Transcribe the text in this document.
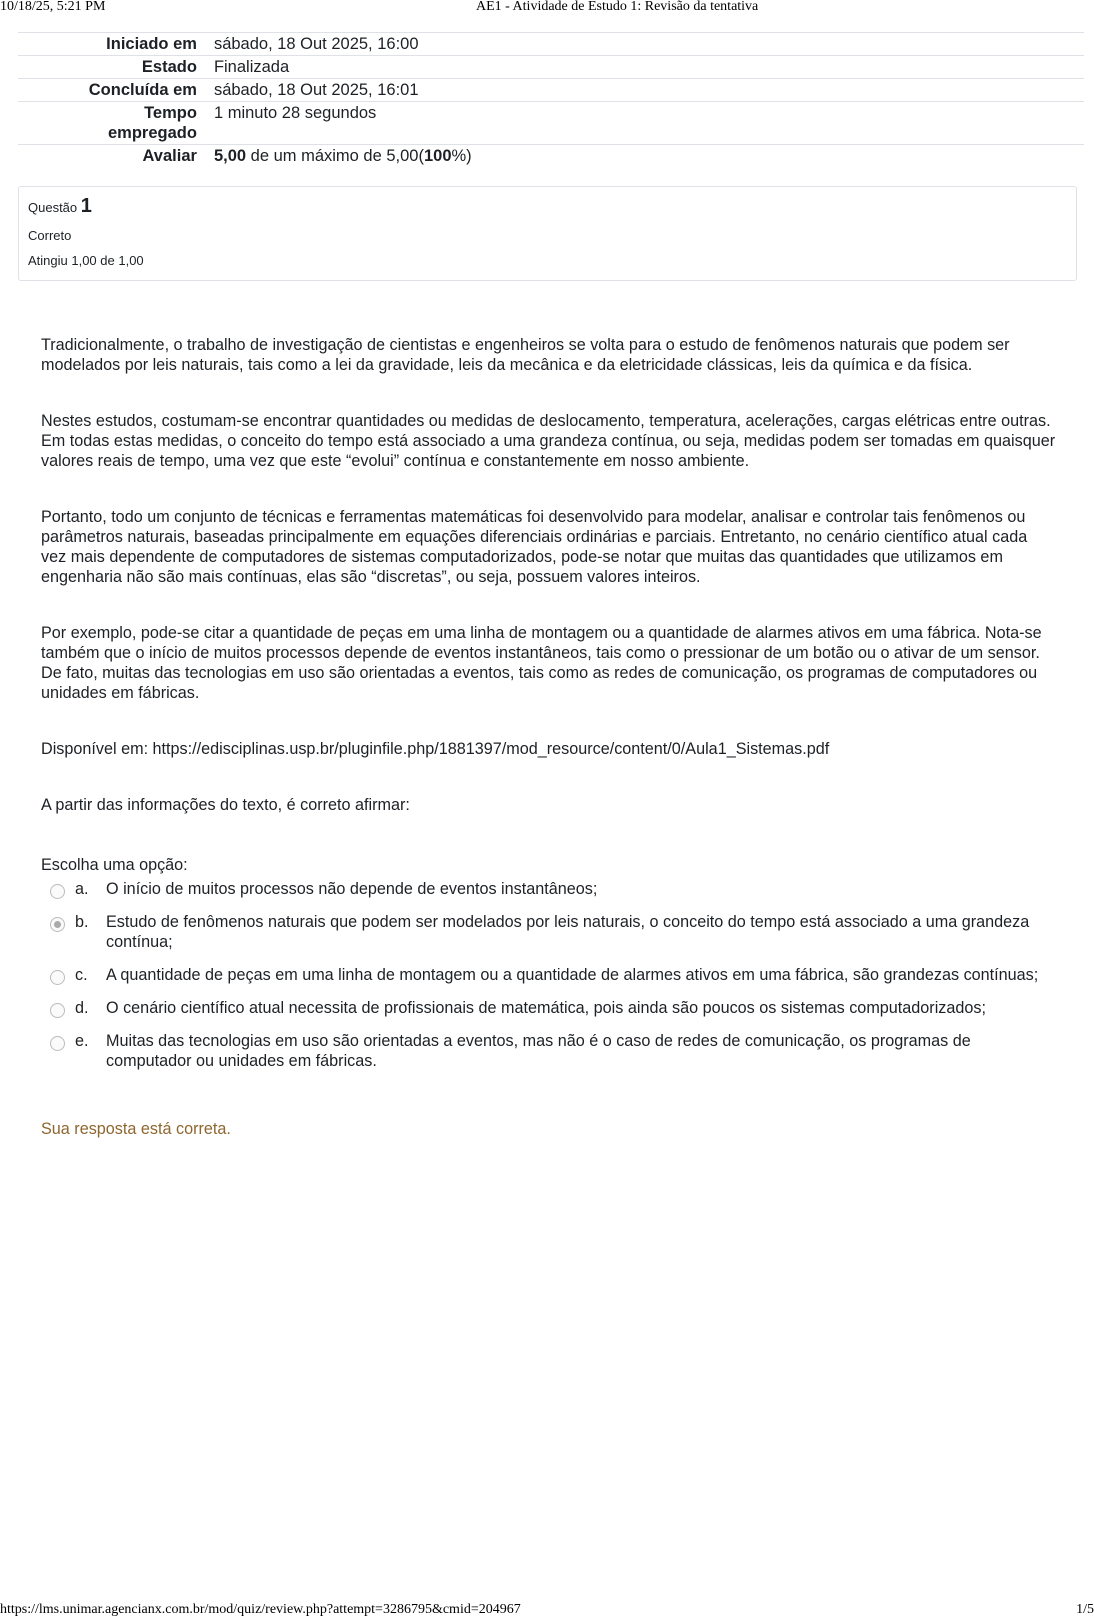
10/18/25, 5:21 PM	AE1 - Atividade de Estudo 1: Revisão da tentativa
Iniciado em	sábado, 18 Out 2025, 16:00
Estado	Finalizada
Concluída em	sábado, 18 Out 2025, 16:01
Tempo empregado	1 minuto 28 segundos
Avaliar	5,00 de um máximo de 5,00(100%)
Questão 1
Correto
Atingiu 1,00 de 1,00

Tradicionalmente, o trabalho de investigação de cientistas e engenheiros se volta para o estudo de fenômenos naturais que podem ser modelados por leis naturais, tais como a lei da gravidade, leis da mecânica e da eletricidade clássicas, leis da química e da física.

Nestes estudos, costumam-se encontrar quantidades ou medidas de deslocamento, temperatura, acelerações, cargas elétricas entre outras. Em todas estas medidas, o conceito do tempo está associado a uma grandeza contínua, ou seja, medidas podem ser tomadas em quaisquer valores reais de tempo, uma vez que este “evolui” contínua e constantemente em nosso ambiente.

Portanto, todo um conjunto de técnicas e ferramentas matemáticas foi desenvolvido para modelar, analisar e controlar tais fenômenos ou parâmetros naturais, baseadas principalmente em equações diferenciais ordinárias e parciais. Entretanto, no cenário científico atual cada vez mais dependente de computadores de sistemas computadorizados, pode-se notar que muitas das quantidades que utilizamos em engenharia não são mais contínuas, elas são “discretas”, ou seja, possuem valores inteiros.

Por exemplo, pode-se citar a quantidade de peças em uma linha de montagem ou a quantidade de alarmes ativos em uma fábrica. Nota-se também que o início de muitos processos depende de eventos instantâneos, tais como o pressionar de um botão ou o ativar de um sensor. De fato, muitas das tecnologias em uso são orientadas a eventos, tais como as redes de comunicação, os programas de computadores ou unidades em fábricas.

Disponível em: https://edisciplinas.usp.br/pluginfile.php/1881397/mod_resource/content/0/Aula1_Sistemas.pdf

A partir das informações do texto, é correto afirmar:

Escolha uma opção:
a.	O início de muitos processos não depende de eventos instantâneos;
b.	Estudo de fenômenos naturais que podem ser modelados por leis naturais, o conceito do tempo está associado a uma grandeza contínua;
c.	A quantidade de peças em uma linha de montagem ou a quantidade de alarmes ativos em uma fábrica, são grandezas contínuas;
d.	O cenário científico atual necessita de profissionais de matemática, pois ainda são poucos os sistemas computadorizados;
e.	Muitas das tecnologias em uso são orientadas a eventos, mas não é o caso de redes de comunicação, os programas de computador ou unidades em fábricas.
Sua resposta está correta.
https://lms.unimar.agencianx.com.br/mod/quiz/review.php?attempt=3286795&cmid=204967	1/5
